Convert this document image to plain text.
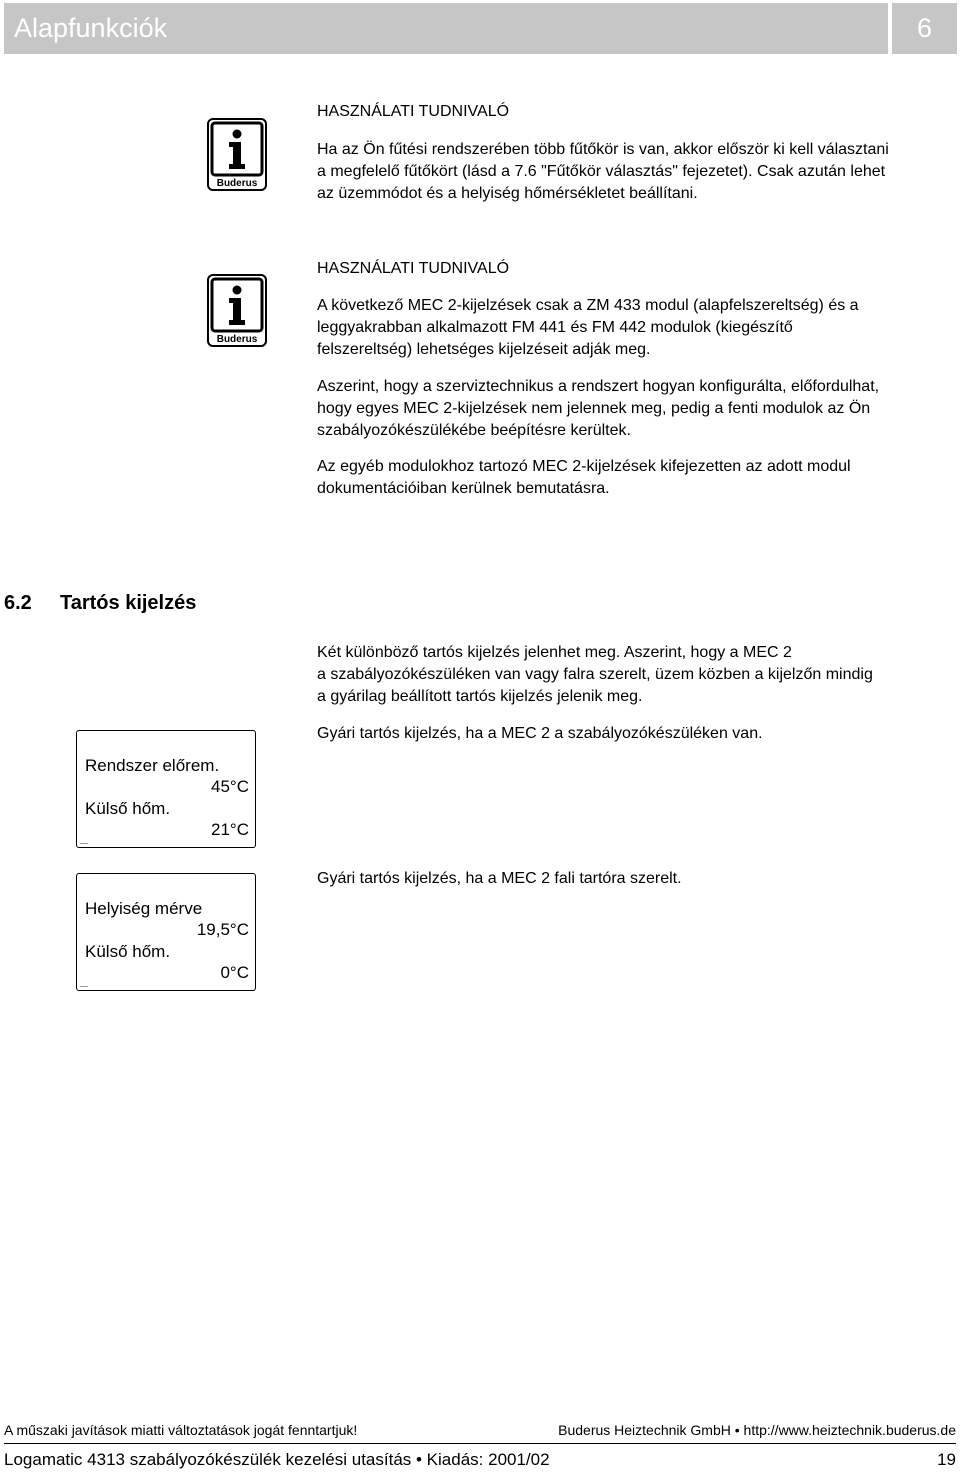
Alapfunkciók	6
Buderus
HASZNÁLATI TUDNIVALÓ
Ha az Ön fűtési rendszerében több fűtőkör is van, akkor először ki kell választani
a megfelelő fűtőkört (lásd a 7.6 "Fűtőkör választás" fejezetet). Csak azután lehet
az üzemmódot és a helyiség hőmérsékletet beállítani.
Buderus
HASZNÁLATI TUDNIVALÓ
A következő MEC 2-kijelzések csak a ZM 433 modul (alapfelszereltség) és a
leggyakrabban alkalmazott FM 441 és FM 442 modulok (kiegészítő
felszereltség) lehetséges kijelzéseit adják meg.
Aszerint, hogy a szerviztechnikus a rendszert hogyan konfigurálta, előfordulhat,
hogy egyes MEC 2-kijelzések nem jelennek meg, pedig a fenti modulok az Ön
szabályozókészülékébe beépítésre kerültek.
Az egyéb modulokhoz tartozó MEC 2-kijelzések kifejezetten az adott modul
dokumentációiban kerülnek bemutatásra.
6.2 Tartós kijelzés
Két különböző tartós kijelzés jelenhet meg. Aszerint, hogy a MEC 2
a szabályozókészüléken van vagy falra szerelt, üzem közben a kijelzőn mindig
a gyárilag beállított tartós kijelzés jelenik meg.
Gyári tartós kijelzés, ha a MEC 2 a szabályozókészüléken van.
Rendszer előrem.
45°C
Külső hőm.
21°C
Gyári tartós kijelzés, ha a MEC 2 fali tartóra szerelt.
Helyiség mérve
19,5°C
Külső hőm.
0°C
A műszaki javítások miatti változtatások jogát fenntartjuk!	Buderus Heiztechnik GmbH • http://www.heiztechnik.buderus.de
Logamatic 4313 szabályozókészülék kezelési utasítás • Kiadás: 2001/02	19
